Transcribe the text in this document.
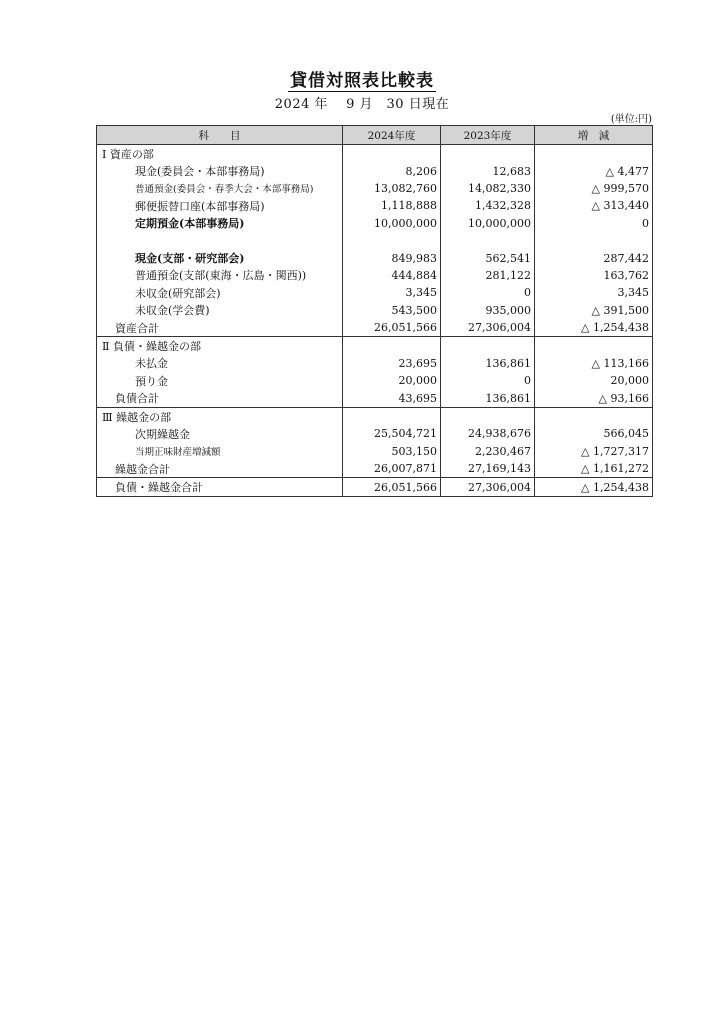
貸借対照表比較表
2024 年　 9 月　30 日現在
(単位:円)
科　　目	2024年度	2023年度	増　減
Ⅰ 資産の部			
現金(委員会・本部事務局)	8,206	12,683	△ 4,477
普通預金(委員会・春季大会・本部事務局)	13,082,760	14,082,330	△ 999,570
郵便振替口座(本部事務局)	1,118,888	1,432,328	△ 313,440
定期預金(本部事務局)	10,000,000	10,000,000	0

現金(支部・研究部会)	849,983	562,541	287,442
普通預金(支部(東海・広島・関西))	444,884	281,122	163,762
未収金(研究部会)	3,345	0	3,345
未収金(学会費)	543,500	935,000	△ 391,500
資産合計	26,051,566	27,306,004	△ 1,254,438
Ⅱ 負債・繰越金の部			
未払金	23,695	136,861	△ 113,166
預り金	20,000	0	20,000
負債合計	43,695	136,861	△ 93,166
Ⅲ 繰越金の部			
次期繰越金	25,504,721	24,938,676	566,045
当期正味財産増減額	503,150	2,230,467	△ 1,727,317
繰越金合計	26,007,871	27,169,143	△ 1,161,272
負債・繰越金合計	26,051,566	27,306,004	△ 1,254,438
